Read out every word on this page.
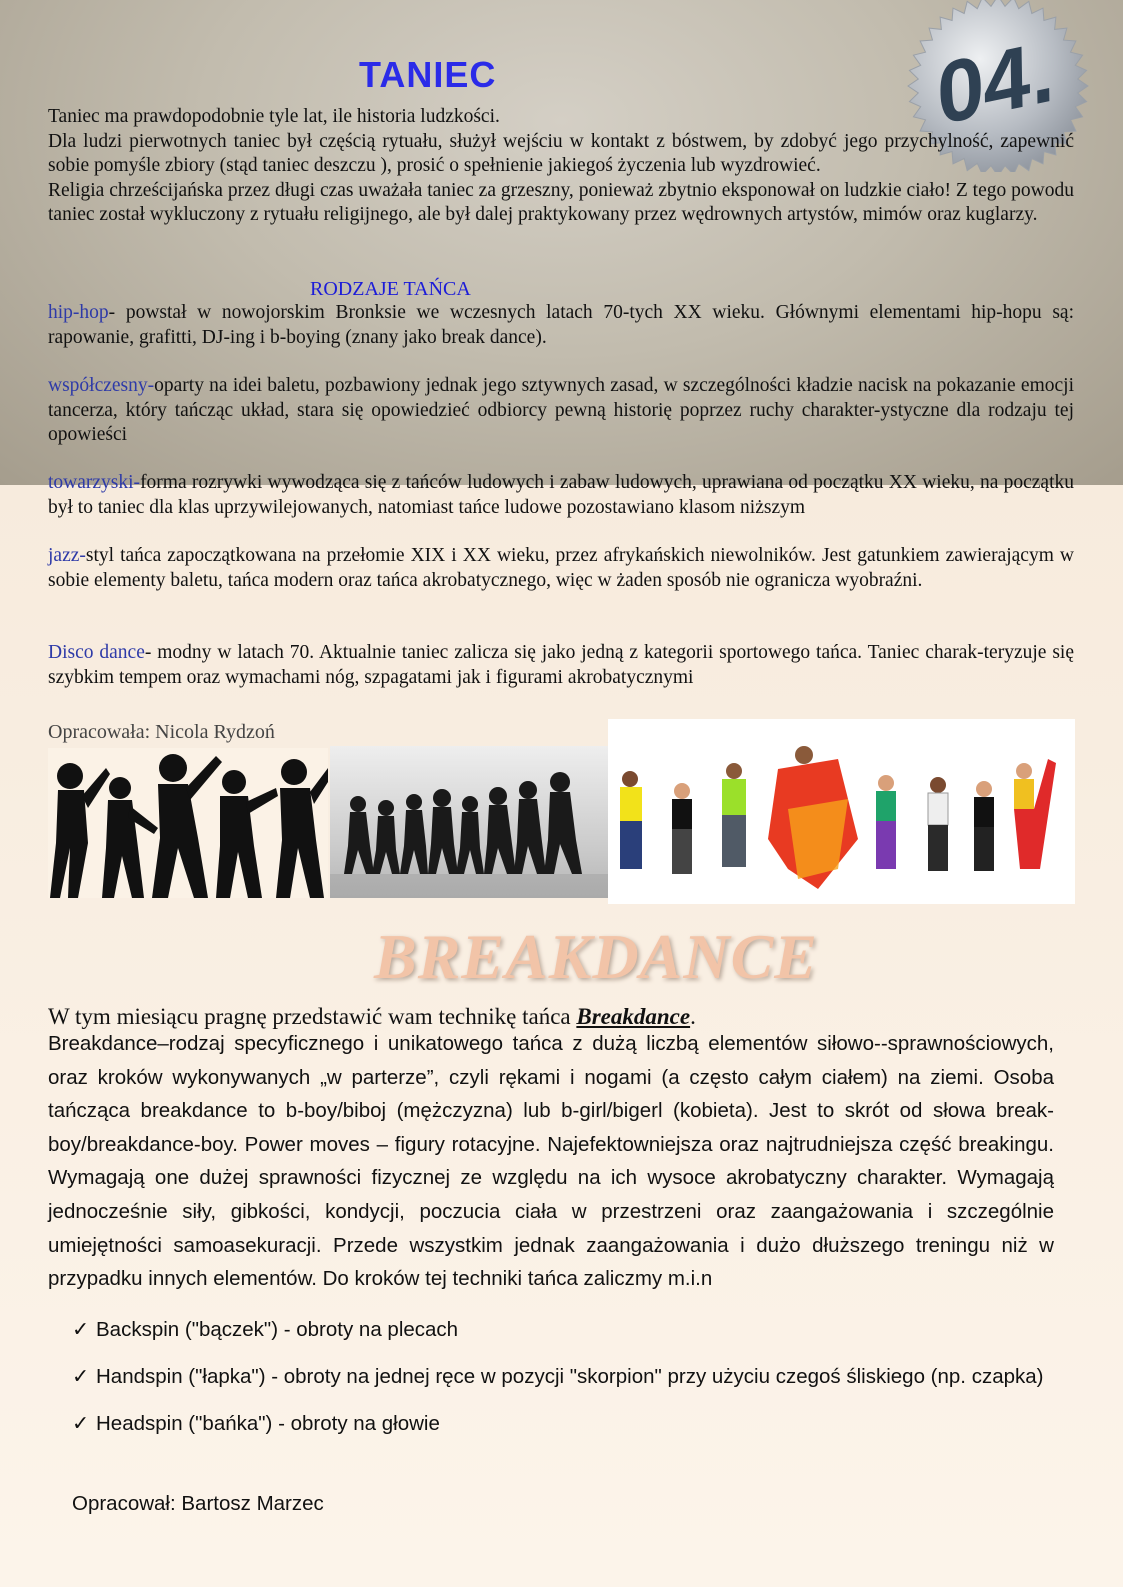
04.
TANIEC

Taniec ma prawdopodobnie tyle lat, ile historia ludzkości.
Dla ludzi pierwotnych taniec był częścią rytuału, służył wejściu w kontakt z bóstwem, by zdobyć jego przychylność, zapewnić sobie pomyśle zbiory (stąd taniec deszczu ), prosić o spełnienie jakiegoś życzenia lub wyzdrowieć.
Religia chrześcijańska przez długi czas uważała taniec za grzeszny, ponieważ zbytnio eksponował on ludzkie ciało! Z tego powodu taniec został wykluczony z rytuału religijnego, ale był dalej praktykowany przez wędrownych artystów, mimów oraz kuglarzy.

RODZAJE TAŃCA

hip-hop- powstał w nowojorskim Bronksie we wczesnych latach 70-tych XX wieku. Głównymi elementami hip-hopu są: rapowanie, grafitti, DJ-ing i b-boying (znany jako break dance).

współczesny-oparty na idei baletu, pozbawiony jednak jego sztywnych zasad, w szczególności kładzie nacisk na pokazanie emocji tancerza, który tańcząc układ, stara się opowiedzieć odbiorcy pewną historię poprzez ruchy charakter-ystyczne dla rodzaju tej opowieści

towarzyski-forma rozrywki wywodząca się z tańców ludowych i zabaw ludowych, uprawiana od początku XX wieku, na początku był to taniec dla klas uprzywilejowanych, natomiast tańce ludowe pozostawiano klasom niższym

jazz-styl tańca zapoczątkowana na przełomie XIX i XX wieku, przez afrykańskich niewolników. Jest gatunkiem zawierającym w sobie elementy baletu, tańca modern oraz tańca akrobatycznego, więc w żaden sposób nie ogranicza wyobraźni.

Disco dance- modny w latach 70. Aktualnie taniec zalicza się jako jedną z kategorii sportowego tańca. Taniec charak-teryzuje się szybkim tempem oraz wymachami nóg, szpagatami jak i figurami akrobatycznymi

Opracowała: Nicola Rydzoń

BREAKDANCE

W tym miesiącu pragnę przedstawić wam technikę tańca Breakdance.

Breakdance–rodzaj specyficznego i unikatowego tańca z dużą liczbą elementów siłowo--sprawnościowych, oraz kroków wykonywanych „w parterze”, czyli rękami i nogami (a często całym ciałem) na ziemi. Osoba tańcząca breakdance to b-boy/biboj (mężczyzna) lub b-girl/bigerl (kobieta). Jest to skrót od słowa break-boy/breakdance-boy. Power moves – figury rotacyjne. Najefektowniejsza oraz najtrudniejsza część breakingu. Wymagają one dużej sprawności fizycznej ze względu na ich wysoce akrobatyczny charakter. Wymagają jednocześnie siły, gibkości, kondycji, poczucia ciała w przestrzeni oraz zaangażowania i szczególnie umiejętności samoasekuracji. Przede wszystkim jednak zaangażowania i dużo dłuższego treningu niż w przypadku innych elementów. Do kroków tej techniki tańca zaliczmy m.i.n

✓ Backspin ("bączek") - obroty na plecach
✓ Handspin ("łapka") - obroty na jednej ręce w pozycji "skorpion" przy użyciu czegoś śliskiego (np. czapka)
✓ Headspin ("bańka") - obroty na głowie

Opracował: Bartosz Marzec
